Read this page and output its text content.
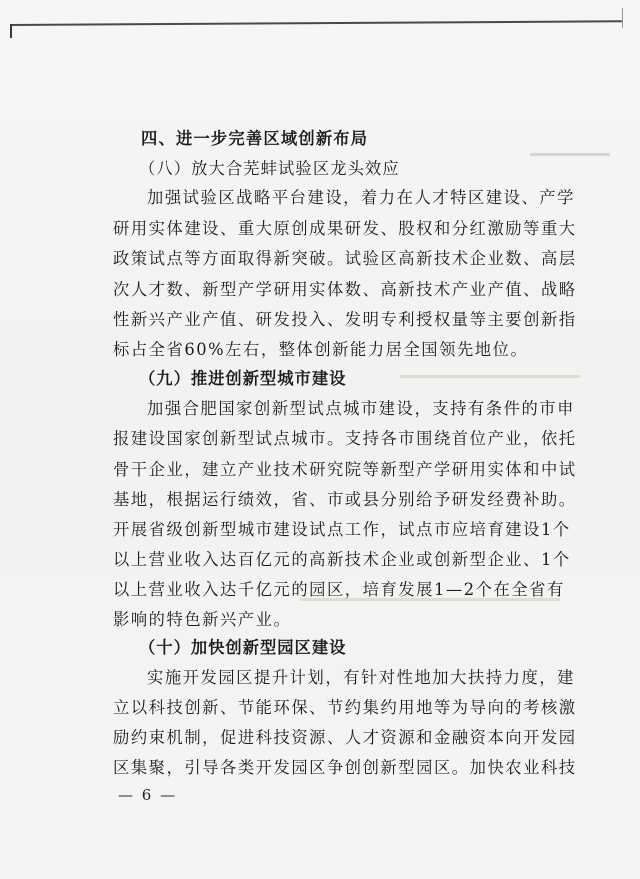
四、进一步完善区域创新布局
（八）放大合芜蚌试验区龙头效应
加强试验区战略平台建设，着力在人才特区建设、产学
研用实体建设、重大原创成果研发、股权和分红激励等重大
政策试点等方面取得新突破。试验区高新技术企业数、高层
次人才数、新型产学研用实体数、高新技术产业产值、战略
性新兴产业产值、研发投入、发明专利授权量等主要创新指
标占全省60%左右，整体创新能力居全国领先地位。
（九）推进创新型城市建设
加强合肥国家创新型试点城市建设，支持有条件的市申
报建设国家创新型试点城市。支持各市围绕首位产业，依托
骨干企业，建立产业技术研究院等新型产学研用实体和中试
基地，根据运行绩效，省、市或县分别给予研发经费补助。
开展省级创新型城市建设试点工作，试点市应培育建设1个
以上营业收入达百亿元的高新技术企业或创新型企业、1个
以上营业收入达千亿元的园区，培育发展1—2个在全省有
影响的特色新兴产业。
（十）加快创新型园区建设
实施开发园区提升计划，有针对性地加大扶持力度，建
立以科技创新、节能环保、节约集约用地等为导向的考核激
励约束机制，促进科技资源、人才资源和金融资本向开发园
区集聚，引导各类开发园区争创创新型园区。加快农业科技
— 6 —
